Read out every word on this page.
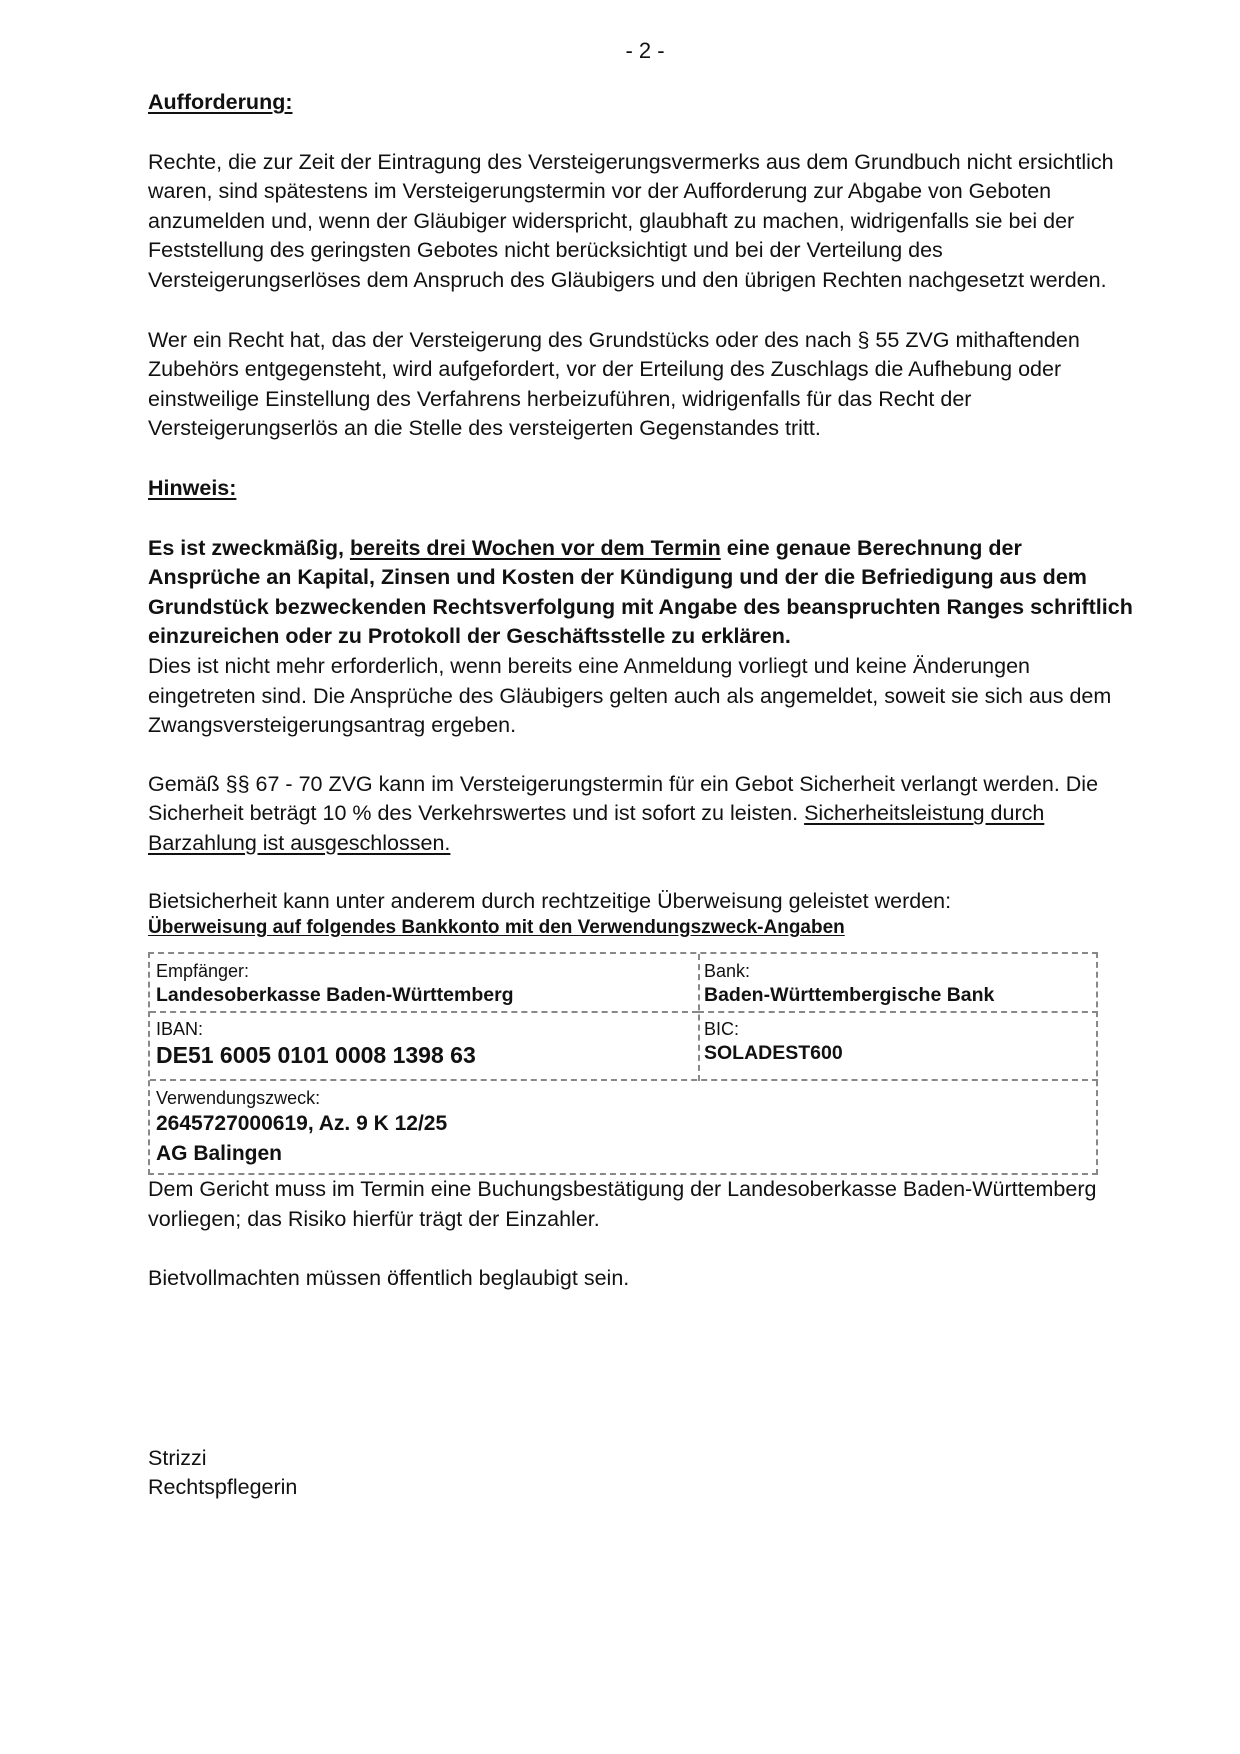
- 2 -

Aufforderung:

Rechte, die zur Zeit der Eintragung des Versteigerungsvermerks aus dem Grundbuch nicht ersichtlich waren, sind spätestens im Versteigerungstermin vor der Aufforderung zur Abgabe von Geboten anzumelden und, wenn der Gläubiger widerspricht, glaubhaft zu machen, widrigenfalls sie bei der Feststellung des geringsten Gebotes nicht berücksichtigt und bei der Verteilung des Versteigerungserlöses dem Anspruch des Gläubigers und den übrigen Rechten nachgesetzt werden.

Wer ein Recht hat, das der Versteigerung des Grundstücks oder des nach § 55 ZVG mithaftenden Zubehörs entgegensteht, wird aufgefordert, vor der Erteilung des Zuschlags die Aufhebung oder einstweilige Einstellung des Verfahrens herbeizuführen, widrigenfalls für das Recht der Versteigerungserlös an die Stelle des versteigerten Gegenstandes tritt.

Hinweis:

Es ist zweckmäßig, bereits drei Wochen vor dem Termin eine genaue Berechnung der Ansprüche an Kapital, Zinsen und Kosten der Kündigung und der die Befriedigung aus dem Grundstück bezweckenden Rechtsverfolgung mit Angabe des beanspruchten Ranges schriftlich einzureichen oder zu Protokoll der Geschäftsstelle zu erklären.

Dies ist nicht mehr erforderlich, wenn bereits eine Anmeldung vorliegt und keine Änderungen eingetreten sind. Die Ansprüche des Gläubigers gelten auch als angemeldet, soweit sie sich aus dem Zwangsversteigerungsantrag ergeben.

Gemäß §§ 67 - 70 ZVG kann im Versteigerungstermin für ein Gebot Sicherheit verlangt werden. Die Sicherheit beträgt 10 % des Verkehrswertes und ist sofort zu leisten. Sicherheitsleistung durch Barzahlung ist ausgeschlossen.

Bietsicherheit kann unter anderem durch rechtzeitige Überweisung geleistet werden:

Überweisung auf folgendes Bankkonto mit den Verwendungszweck-Angaben

Empfänger:
Landesoberkasse Baden-Württemberg
Bank:
Baden-Württembergische Bank
IBAN:
DE51 6005 0101 0008 1398 63
BIC:
SOLADEST600
Verwendungszweck:
2645727000619, Az. 9 K 12/25
AG Balingen

Dem Gericht muss im Termin eine Buchungsbestätigung der Landesoberkasse Baden-Württemberg vorliegen; das Risiko hierfür trägt der Einzahler.

Bietvollmachten müssen öffentlich beglaubigt sein.

Strizzi

Rechtspflegerin
